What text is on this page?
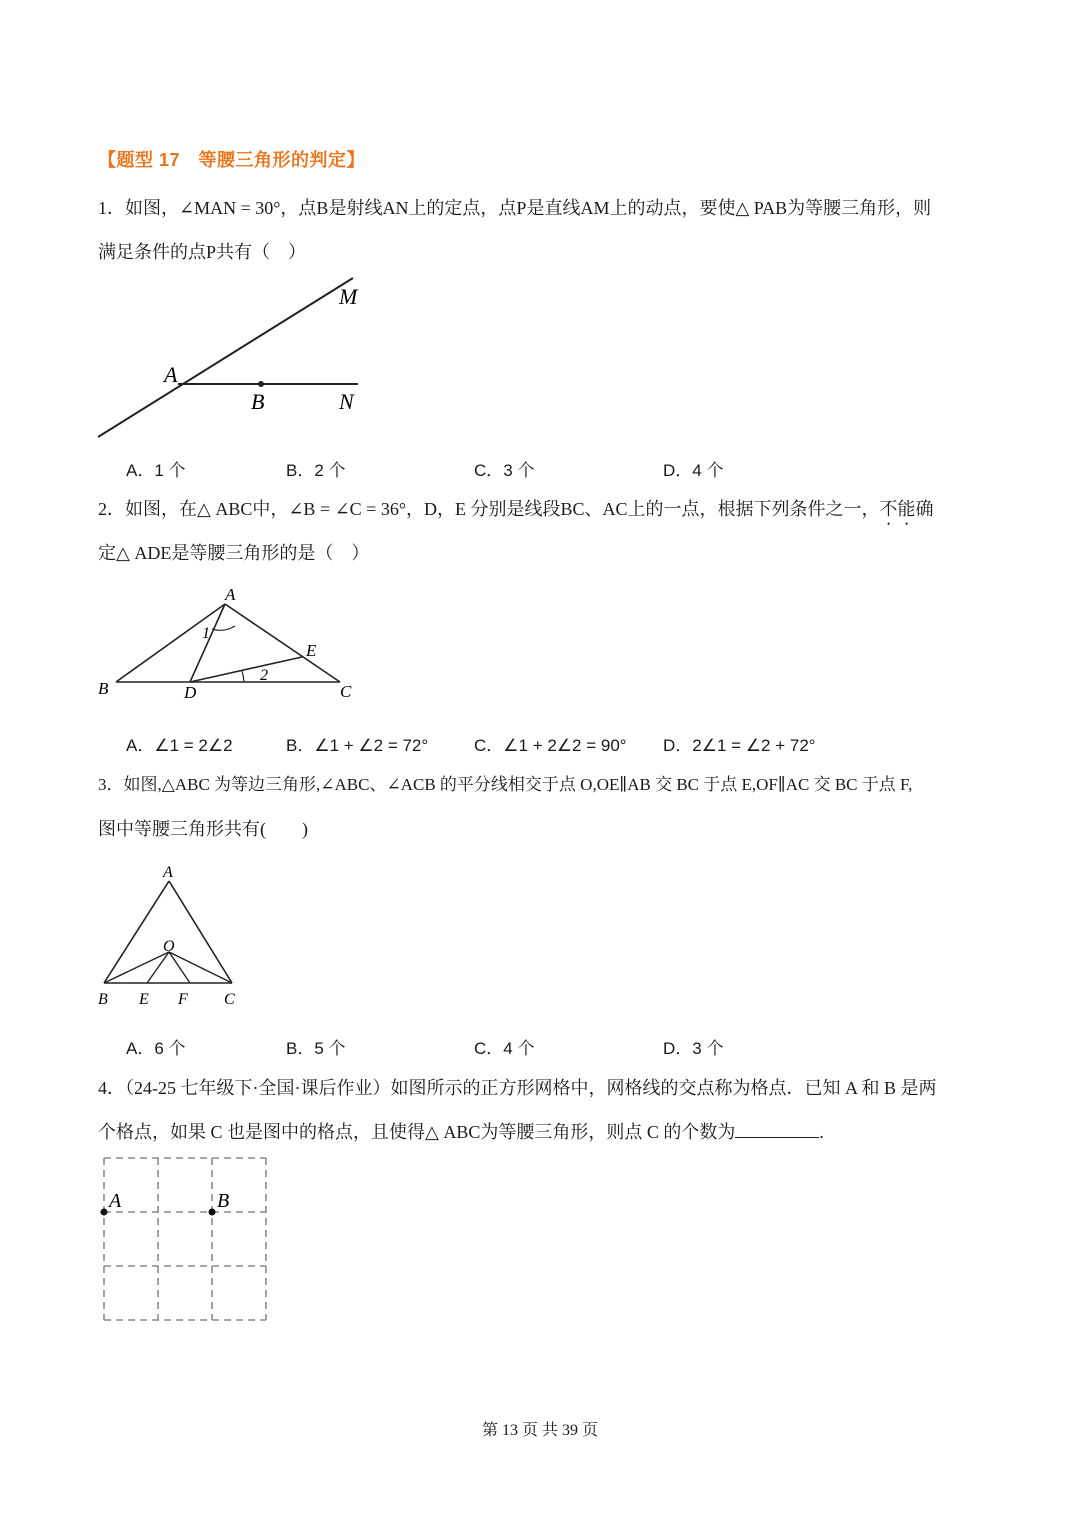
【题型 17　等腰三角形的判定】
1．如图，∠MAN = 30°，点B是射线AN上的定点，点P是直线AM上的动点，要使△ PAB为等腰三角形，则
满足条件的点P共有（　）
A
B
M
N
A．1 个	B．2 个	C．3 个	D．4 个
2．如图，在△ ABC中，∠B = ∠C = 36°，D，E 分别是线段BC、AC上的一点，根据下列条件之一，不能确
定△ ADE是等腰三角形的是（　）
A
B	C
D
E
1
2
A．∠1 = 2∠2	B．∠1 + ∠2 = 72°	C．∠1 + 2∠2 = 90° D．2∠1 = ∠2 + 72°
3．如图,△ABC 为等边三角形,∠ABC、∠ACB 的平分线相交于点 O,OE∥AB 交 BC 于点 E,OF∥AC 交 BC 于点 F,
图中等腰三角形共有(　　)
A
O
B E F C
A．6 个	B．5 个	C．4 个	D．3 个
4．（24-25 七年级下·全国·课后作业）如图所示的正方形网格中，网格线的交点称为格点．已知 A 和 B 是两
个格点，如果 C 也是图中的格点，且使得△ ABC为等腰三角形，则点 C 的个数为	.
A	B
第 13 页 共 39 页
